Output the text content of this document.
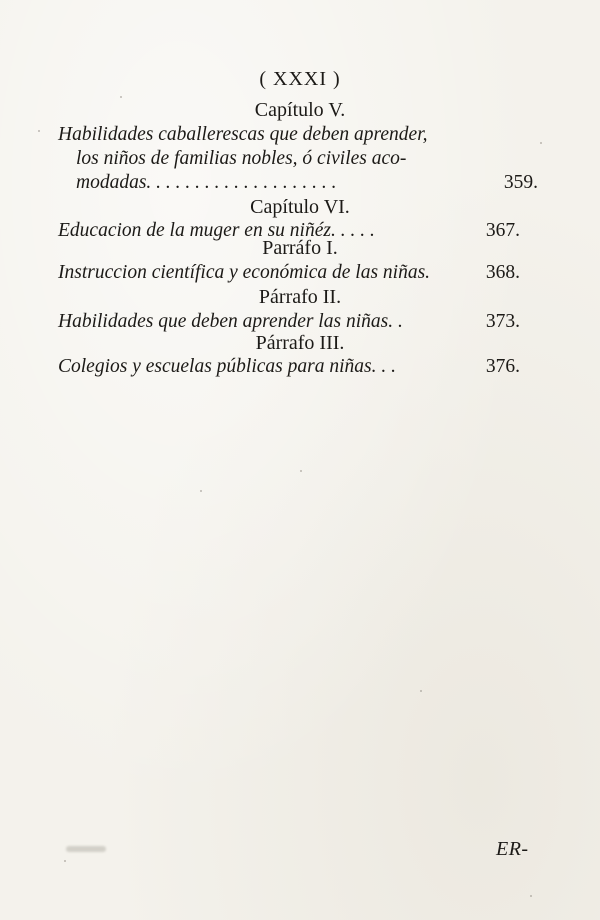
( XXXI )
Capítulo V.
Habilidades caballerescas que deben aprender,
los niños de familias nobles, ó civiles aco-
modadas. . . . . . . . . . . . . . . . . . . .	359.
Capítulo VI.
Educacion de la muger en su niñéz. . . . .	367.
Parráfo I.
Instruccion científica y económica de las niñas.	368.
Párrafo II.
Habilidades que deben aprender las niñas. .	373.
Párrafo III.
Colegios y escuelas públicas para niñas. . .	376.
ER-
